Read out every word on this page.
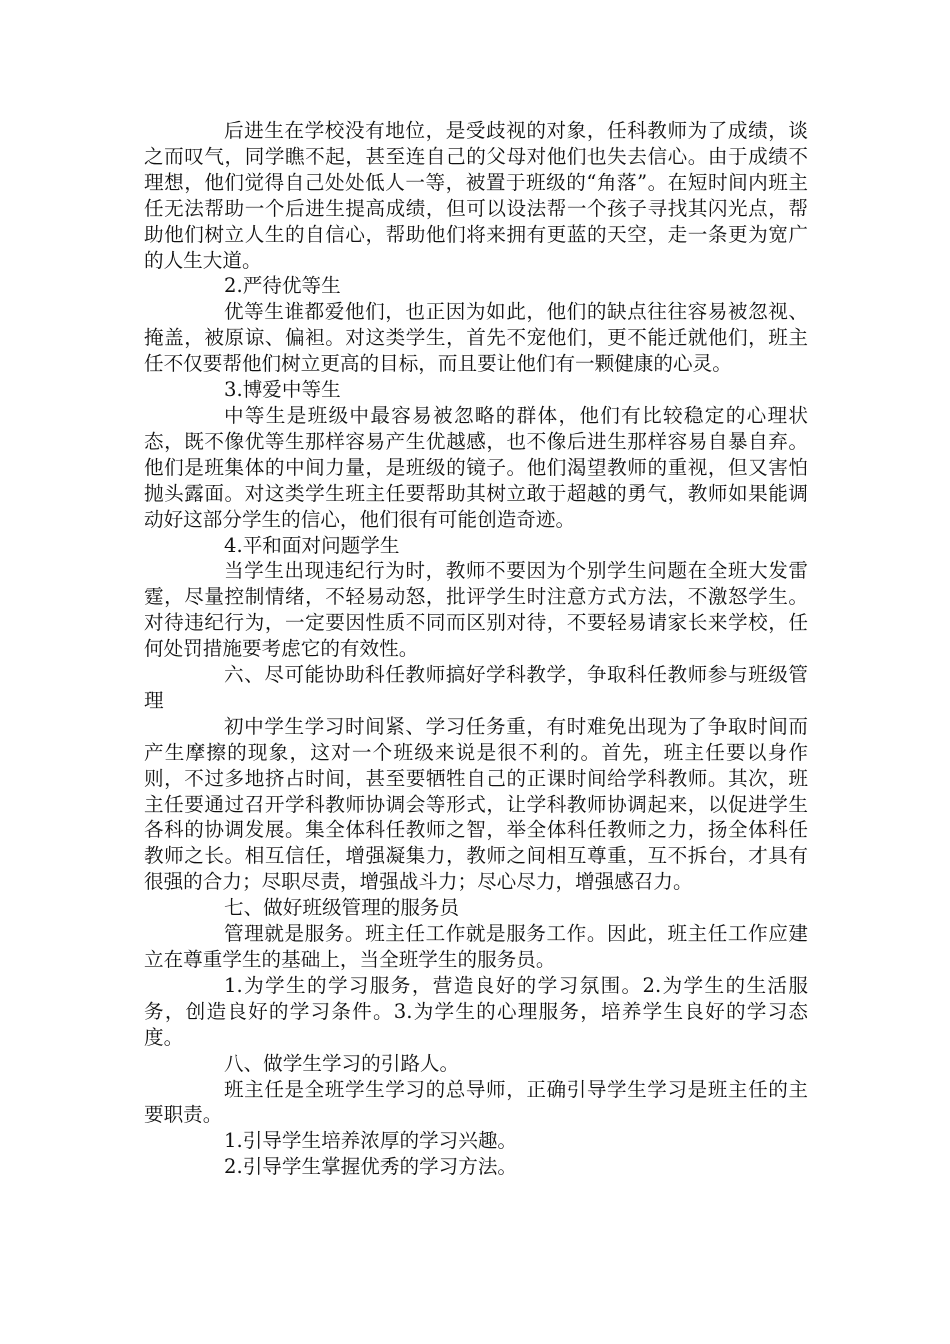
后进生在学校没有地位，是受歧视的对象，任科教师为了成绩，谈之而叹气，同学瞧不起，甚至连自己的父母对他们也失去信心。由于成绩不理想，他们觉得自己处处低人一等，被置于班级的“角落”。在短时间内班主任无法帮助一个后进生提高成绩，但可以设法帮一个孩子寻找其闪光点，帮助他们树立人生的自信心，帮助他们将来拥有更蓝的天空，走一条更为宽广的人生大道。

2.严待优等生

优等生谁都爱他们，也正因为如此，他们的缺点往往容易被忽视、掩盖，被原谅、偏袒。对这类学生，首先不宠他们，更不能迁就他们，班主任不仅要帮他们树立更高的目标，而且要让他们有一颗健康的心灵。

3.博爱中等生

中等生是班级中最容易被忽略的群体，他们有比较稳定的心理状态，既不像优等生那样容易产生优越感，也不像后进生那样容易自暴自弃。他们是班集体的中间力量，是班级的镜子。他们渴望教师的重视，但又害怕抛头露面。对这类学生班主任要帮助其树立敢于超越的勇气，教师如果能调动好这部分学生的信心，他们很有可能创造奇迹。

4.平和面对问题学生

当学生出现违纪行为时，教师不要因为个别学生问题在全班大发雷霆，尽量控制情绪，不轻易动怒，批评学生时注意方式方法，不激怒学生。对待违纪行为，一定要因性质不同而区别对待，不要轻易请家长来学校，任何处罚措施要考虑它的有效性。

六、尽可能协助科任教师搞好学科教学，争取科任教师参与班级管理

初中学生学习时间紧、学习任务重，有时难免出现为了争取时间而产生摩擦的现象，这对一个班级来说是很不利的。首先，班主任要以身作则，不过多地挤占时间，甚至要牺牲自己的正课时间给学科教师。其次，班主任要通过召开学科教师协调会等形式，让学科教师协调起来，以促进学生各科的协调发展。集全体科任教师之智，举全体科任教师之力，扬全体科任教师之长。相互信任，增强凝集力，教师之间相互尊重，互不拆台，才具有很强的合力；尽职尽责，增强战斗力；尽心尽力，增强感召力。

七、做好班级管理的服务员

管理就是服务。班主任工作就是服务工作。因此，班主任工作应建立在尊重学生的基础上，当全班学生的服务员。

1.为学生的学习服务，营造良好的学习氛围。2.为学生的生活服务，创造良好的学习条件。3.为学生的心理服务，培养学生良好的学习态度。

八、做学生学习的引路人。

班主任是全班学生学习的总导师，正确引导学生学习是班主任的主要职责。

1.引导学生培养浓厚的学习兴趣。

2.引导学生掌握优秀的学习方法。
